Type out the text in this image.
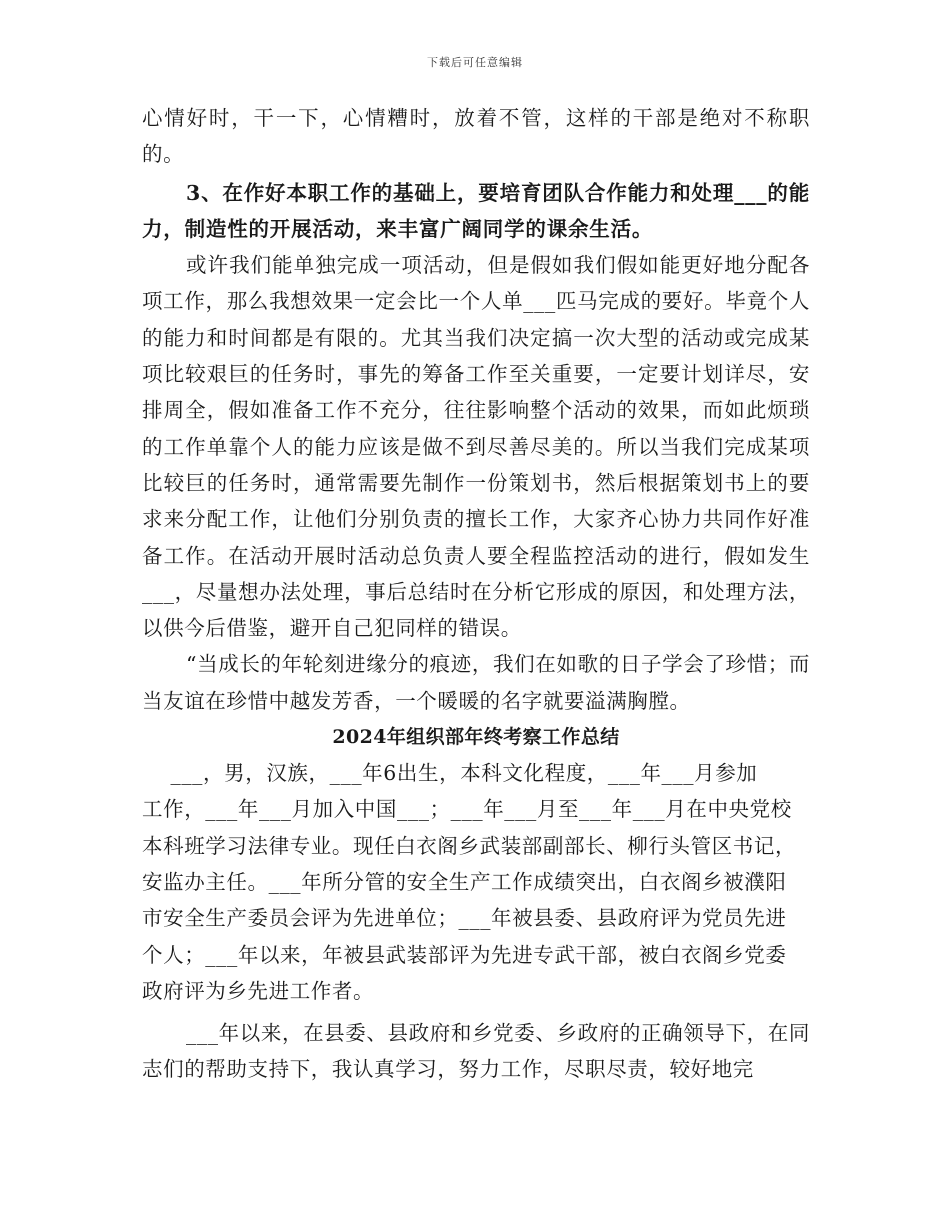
下载后可任意编辑

心情好时，干一下，心情糟时，放着不管，这样的干部是绝对不称职的。

3、在作好本职工作的基础上，要培育团队合作能力和处理___的能力，制造性的开展活动，来丰富广阔同学的课余生活。

或许我们能单独完成一项活动，但是假如我们假如能更好地分配各项工作，那么我想效果一定会比一个人单___匹马完成的要好。毕竟个人的能力和时间都是有限的。尤其当我们决定搞一次大型的活动或完成某项比较艰巨的任务时，事先的筹备工作至关重要，一定要计划详尽，安排周全，假如准备工作不充分，往往影响整个活动的效果，而如此烦琐的工作单靠个人的能力应该是做不到尽善尽美的。所以当我们完成某项比较巨的任务时，通常需要先制作一份策划书，然后根据策划书上的要求来分配工作，让他们分别负责的擅长工作，大家齐心协力共同作好准备工作。在活动开展时活动总负责人要全程监控活动的进行，假如发生___，尽量想办法处理，事后总结时在分析它形成的原因，和处理方法，以供今后借鉴，避开自己犯同样的错误。

“当成长的年轮刻进缘分的痕迹，我们在如歌的日子学会了珍惜；而当友谊在珍惜中越发芳香，一个暖暖的名字就要溢满胸膛。

2024年组织部年终考察工作总结
___，男，汉族，___年6出生，本科文化程度，___年___月参加
工作，___年___月加入中国___；___年___月至___年___月在中央党校
本科班学习法律专业。现任白衣阁乡武装部副部长、柳行头管区书记，
安监办主任。___年所分管的安全生产工作成绩突出，白衣阁乡被濮阳
市安全生产委员会评为先进单位；___年被县委、县政府评为党员先进
个人；___年以来，年被县武装部评为先进专武干部，被白衣阁乡党委
政府评为乡先进工作者。

___年以来，在县委、县政府和乡党委、乡政府的正确领导下，在同志们的帮助支持下，我认真学习，努力工作，尽职尽责，较好地完
